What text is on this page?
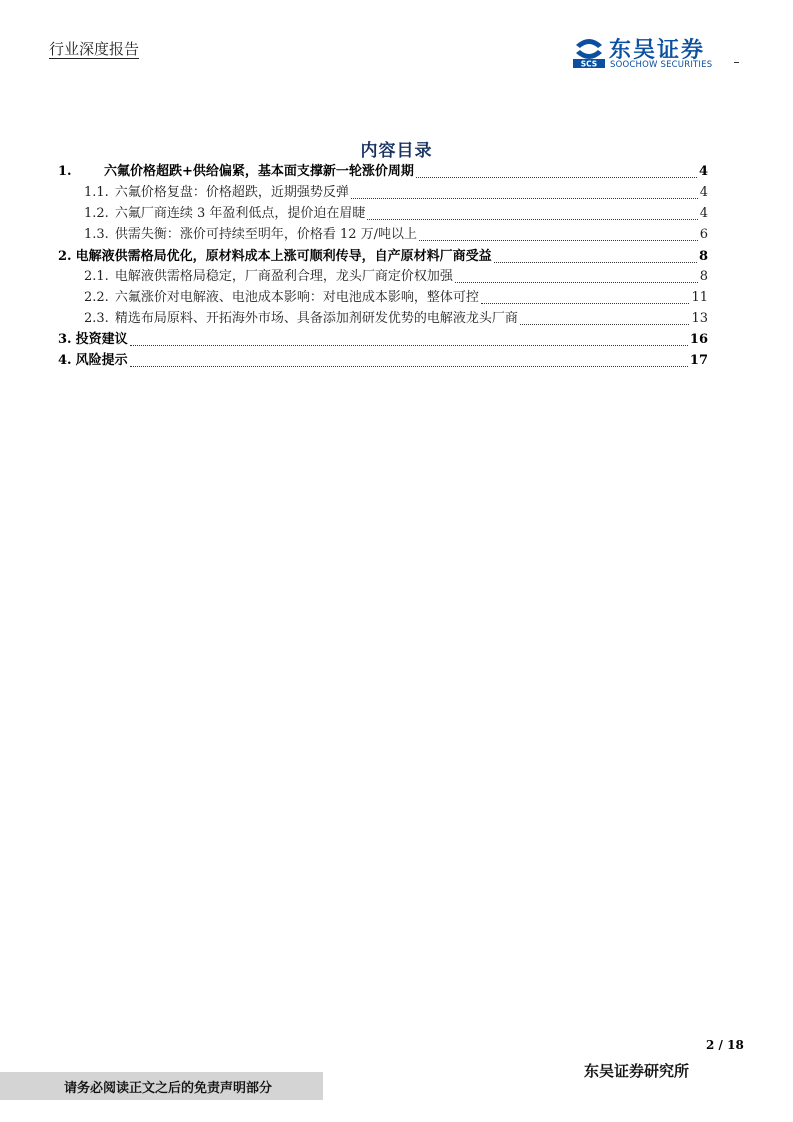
行业深度报告
SCS
东吴证券
SOOCHOW SECURITIES
内容目录
1.	六氟价格超跌+供给偏紧，基本面支撑新一轮涨价周期	4
1.1. 六氟价格复盘：价格超跌，近期强势反弹	4
1.2. 六氟厂商连续 3 年盈利低点，提价迫在眉睫	4
1.3. 供需失衡：涨价可持续至明年，价格看 12 万/吨以上	6
2. 电解液供需格局优化，原材料成本上涨可顺利传导，自产原材料厂商受益	8
2.1. 电解液供需格局稳定，厂商盈利合理，龙头厂商定价权加强	8
2.2. 六氟涨价对电解液、电池成本影响：对电池成本影响，整体可控	11
2.3. 精选布局原料、开拓海外市场、具备添加剂研发优势的电解液龙头厂商	13
3. 投资建议	16
4. 风险提示	17
2 / 18
请务必阅读正文之后的免责声明部分
东吴证券研究所
